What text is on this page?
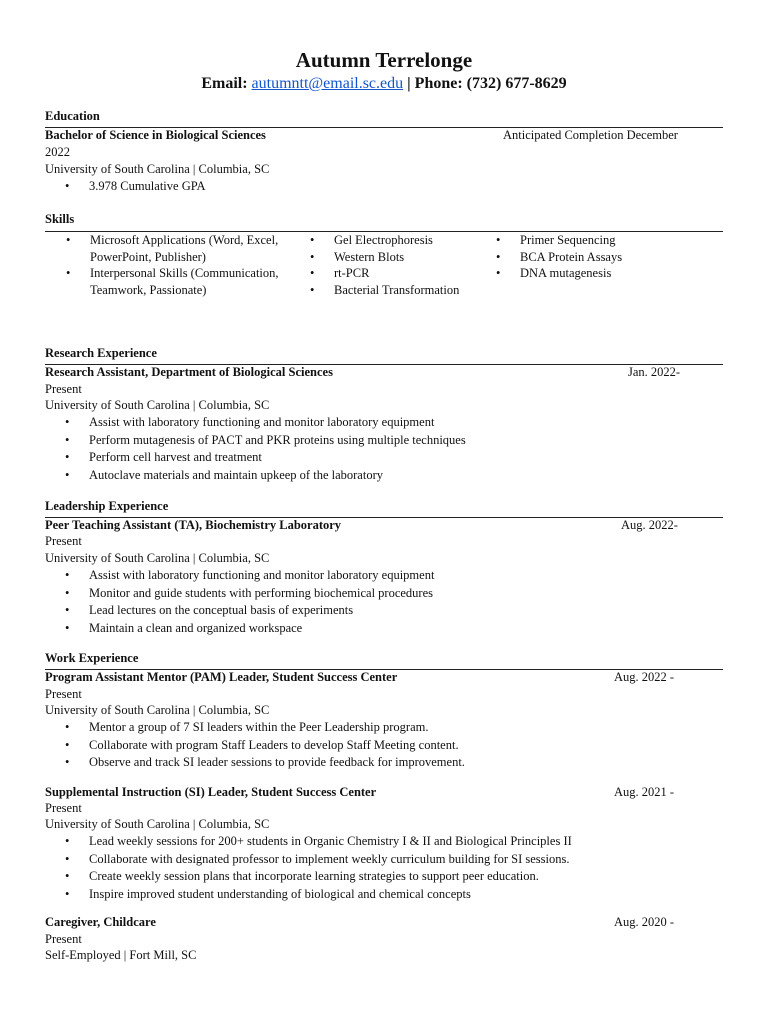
Autumn Terrelonge
Email: autumntt@email.sc.edu | Phone: (732) 677-8629
Education
Bachelor of Science in Biological Sciences	Anticipated Completion December
2022
University of South Carolina | Columbia, SC
• 3.978 Cumulative GPA
Skills
• Microsoft Applications (Word, Excel, PowerPoint, Publisher)
• Interpersonal Skills (Communication, Teamwork, Passionate)
• Gel Electrophoresis
• Western Blots
• rt-PCR
• Bacterial Transformation
• Primer Sequencing
• BCA Protein Assays
• DNA mutagenesis
Research Experience
Research Assistant, Department of Biological Sciences	Jan. 2022-
Present
University of South Carolina | Columbia, SC
• Assist with laboratory functioning and monitor laboratory equipment
• Perform mutagenesis of PACT and PKR proteins using multiple techniques
• Perform cell harvest and treatment
• Autoclave materials and maintain upkeep of the laboratory
Leadership Experience
Peer Teaching Assistant (TA), Biochemistry Laboratory	Aug. 2022-
Present
University of South Carolina | Columbia, SC
• Assist with laboratory functioning and monitor laboratory equipment
• Monitor and guide students with performing biochemical procedures
• Lead lectures on the conceptual basis of experiments
• Maintain a clean and organized workspace
Work Experience
Program Assistant Mentor (PAM) Leader, Student Success Center	Aug. 2022 -
Present
University of South Carolina | Columbia, SC
• Mentor a group of 7 SI leaders within the Peer Leadership program.
• Collaborate with program Staff Leaders to develop Staff Meeting content.
• Observe and track SI leader sessions to provide feedback for improvement.
Supplemental Instruction (SI) Leader, Student Success Center	Aug. 2021 -
Present
University of South Carolina | Columbia, SC
• Lead weekly sessions for 200+ students in Organic Chemistry I & II and Biological Principles II
• Collaborate with designated professor to implement weekly curriculum building for SI sessions.
• Create weekly session plans that incorporate learning strategies to support peer education.
• Inspire improved student understanding of biological and chemical concepts
Caregiver, Childcare	Aug. 2020 -
Present
Self-Employed | Fort Mill, SC
